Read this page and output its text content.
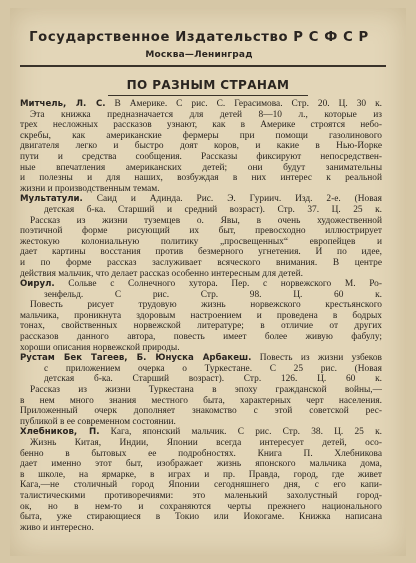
Государственное Издательство Р С Ф С Р
Москва—Ленинград
ПО РАЗНЫМ СТРАНАМ
Митчель, Л. С. В Америке. С рис. С. Герасимова. Стр. 20. Ц. 30 к.
Эта книжка предназначается для детей 8—10 л., которые из
трех несложных рассказов узнают, как в Америке строятся небо-
скребы, как американские фермеры при помощи газолинового
двигателя легко и быстро доят коров, и какие в Нью-Йорке
пути и средства сообщения. Рассказы фиксируют непосредствен-
ные впечатления американских детей; они будут занимательны
и полезны и для наших, возбуждая в них интерес к реальной
жизни и производственным темам.
Мультатули. Саид и Адинда. Рис. Э. Гуриич. Изд. 2-е. (Новая
детская б-ка. Старший и средний возраст). Стр. 37. Ц. 25 к.
Рассказ из жизни туземцев о. Явы, в очень художественной
поэтичной форме рисующий их быт, превосходно иллюстрирует
жестокую колониальную политику „просвещенных“ европейцев и
дает картины восстания против безмерного угнетения. И по идее,
и по форме рассказ заслуживает всяческого внимания. В центре
действия мальчик, что делает рассказ особенно интересным для детей.
Оирул. Сольве с Солнечного хутора. Пер. с норвежского М. Ро-
зенфельд. С рис. Стр. 98. Ц. 60 к.
Повесть рисует трудовую жизнь норвежского крестьянского
мальчика, проникнута здоровым настроением и проведена в бодрых
тонах, свойственных норвежской литературе; в отличие от других
рассказов данного автора, повесть имеет более живую фабулу;
хороши описания норвежской природы.
Рустам Бек Тагеев, Б. Юнуска Арбакеш. Повесть из жизни узбеков
с приложением очерка о Туркестане. С 25 рис. (Новая
детская б-ка. Старший возраст). Стр. 126. Ц. 60 к.
Рассказ из жизни Туркестана в эпоху гражданской войны,—
в нем много знания местного быта, характерных черт населения.
Приложенный очерк дополняет знакомство с этой советской рес-
публикой в ее современном состоянии.
Хлебников, П. Кага, японский мальчик. С рис. Стр. 38. Ц. 25 к.
Жизнь Китая, Индии, Японии всегда интересует детей, осо-
бенно в бытовых ее подробностях. Книга П. Хлебникова
дает именно этот быт, изображает жизнь японского мальчика дома,
в школе, на ярмарке, в играх и пр. Правда, город, где живет
Кага,—не столичный город Японии сегодняшнего дня, с его капи-
талистическими противоречиями: это маленький захолустный город-
ок, но в нем-то и сохраняются черты прежнего национального
быта, уже стирающиеся в Токио или Иокогаме. Книжка написана
живо и интересно.
